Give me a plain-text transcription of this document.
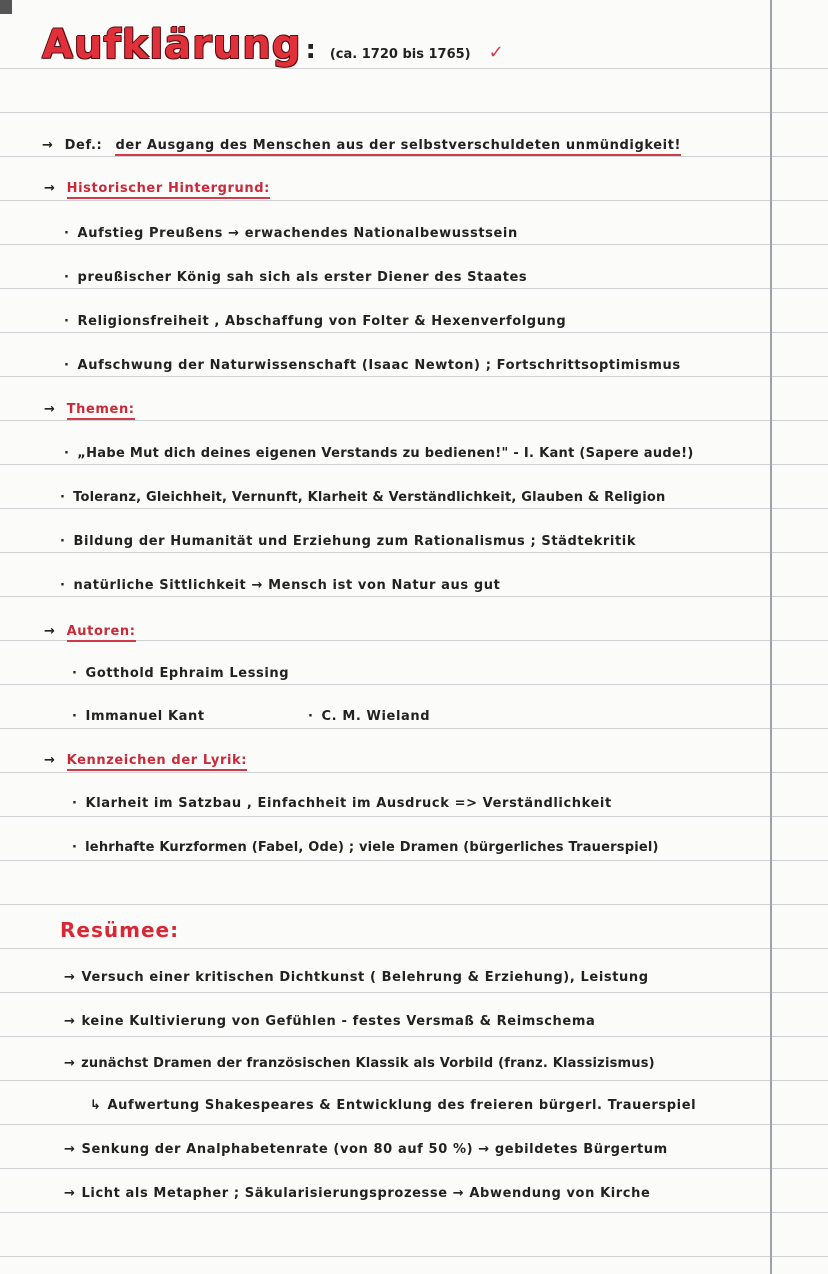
Aufklärung : (ca. 1720 bis 1765) ✓
→ Def.: der Ausgang des Menschen aus der selbstverschuldeten unmündigkeit!
→ Historischer Hintergrund:
· Aufstieg Preußens → erwachendes Nationalbewusstsein
· preußischer König sah sich als erster Diener des Staates
· Religionsfreiheit , Abschaffung von Folter & Hexenverfolgung
· Aufschwung der Naturwissenschaft (Isaac Newton) ; Fortschrittsoptimismus
→ Themen:
· „Habe Mut dich deines eigenen Verstands zu bedienen!" - I. Kant (Sapere aude!)
· Toleranz, Gleichheit, Vernunft, Klarheit & Verständlichkeit, Glauben & Religion
· Bildung der Humanität und Erziehung zum Rationalismus ; Städtekritik
· natürliche Sittlichkeit → Mensch ist von Natur aus gut
→ Autoren:
· Gotthold Ephraim Lessing
· Immanuel Kant	· C. M. Wieland
→ Kennzeichen der Lyrik:
· Klarheit im Satzbau , Einfachheit im Ausdruck => Verständlichkeit
· lehrhafte Kurzformen (Fabel, Ode) ; viele Dramen (bürgerliches Trauerspiel)
Resümee:
→ Versuch einer kritischen Dichtkunst ( Belehrung & Erziehung), Leistung
→ keine Kultivierung von Gefühlen - festes Versmaß & Reimschema
→ zunächst Dramen der französischen Klassik als Vorbild (franz. Klassizismus)
↳ Aufwertung Shakespeares & Entwicklung des freieren bürgerl. Trauerspiel
→ Senkung der Analphabetenrate (von 80 auf 50 %) → gebildetes Bürgertum
→ Licht als Metapher ; Säkularisierungsprozesse → Abwendung von Kirche
